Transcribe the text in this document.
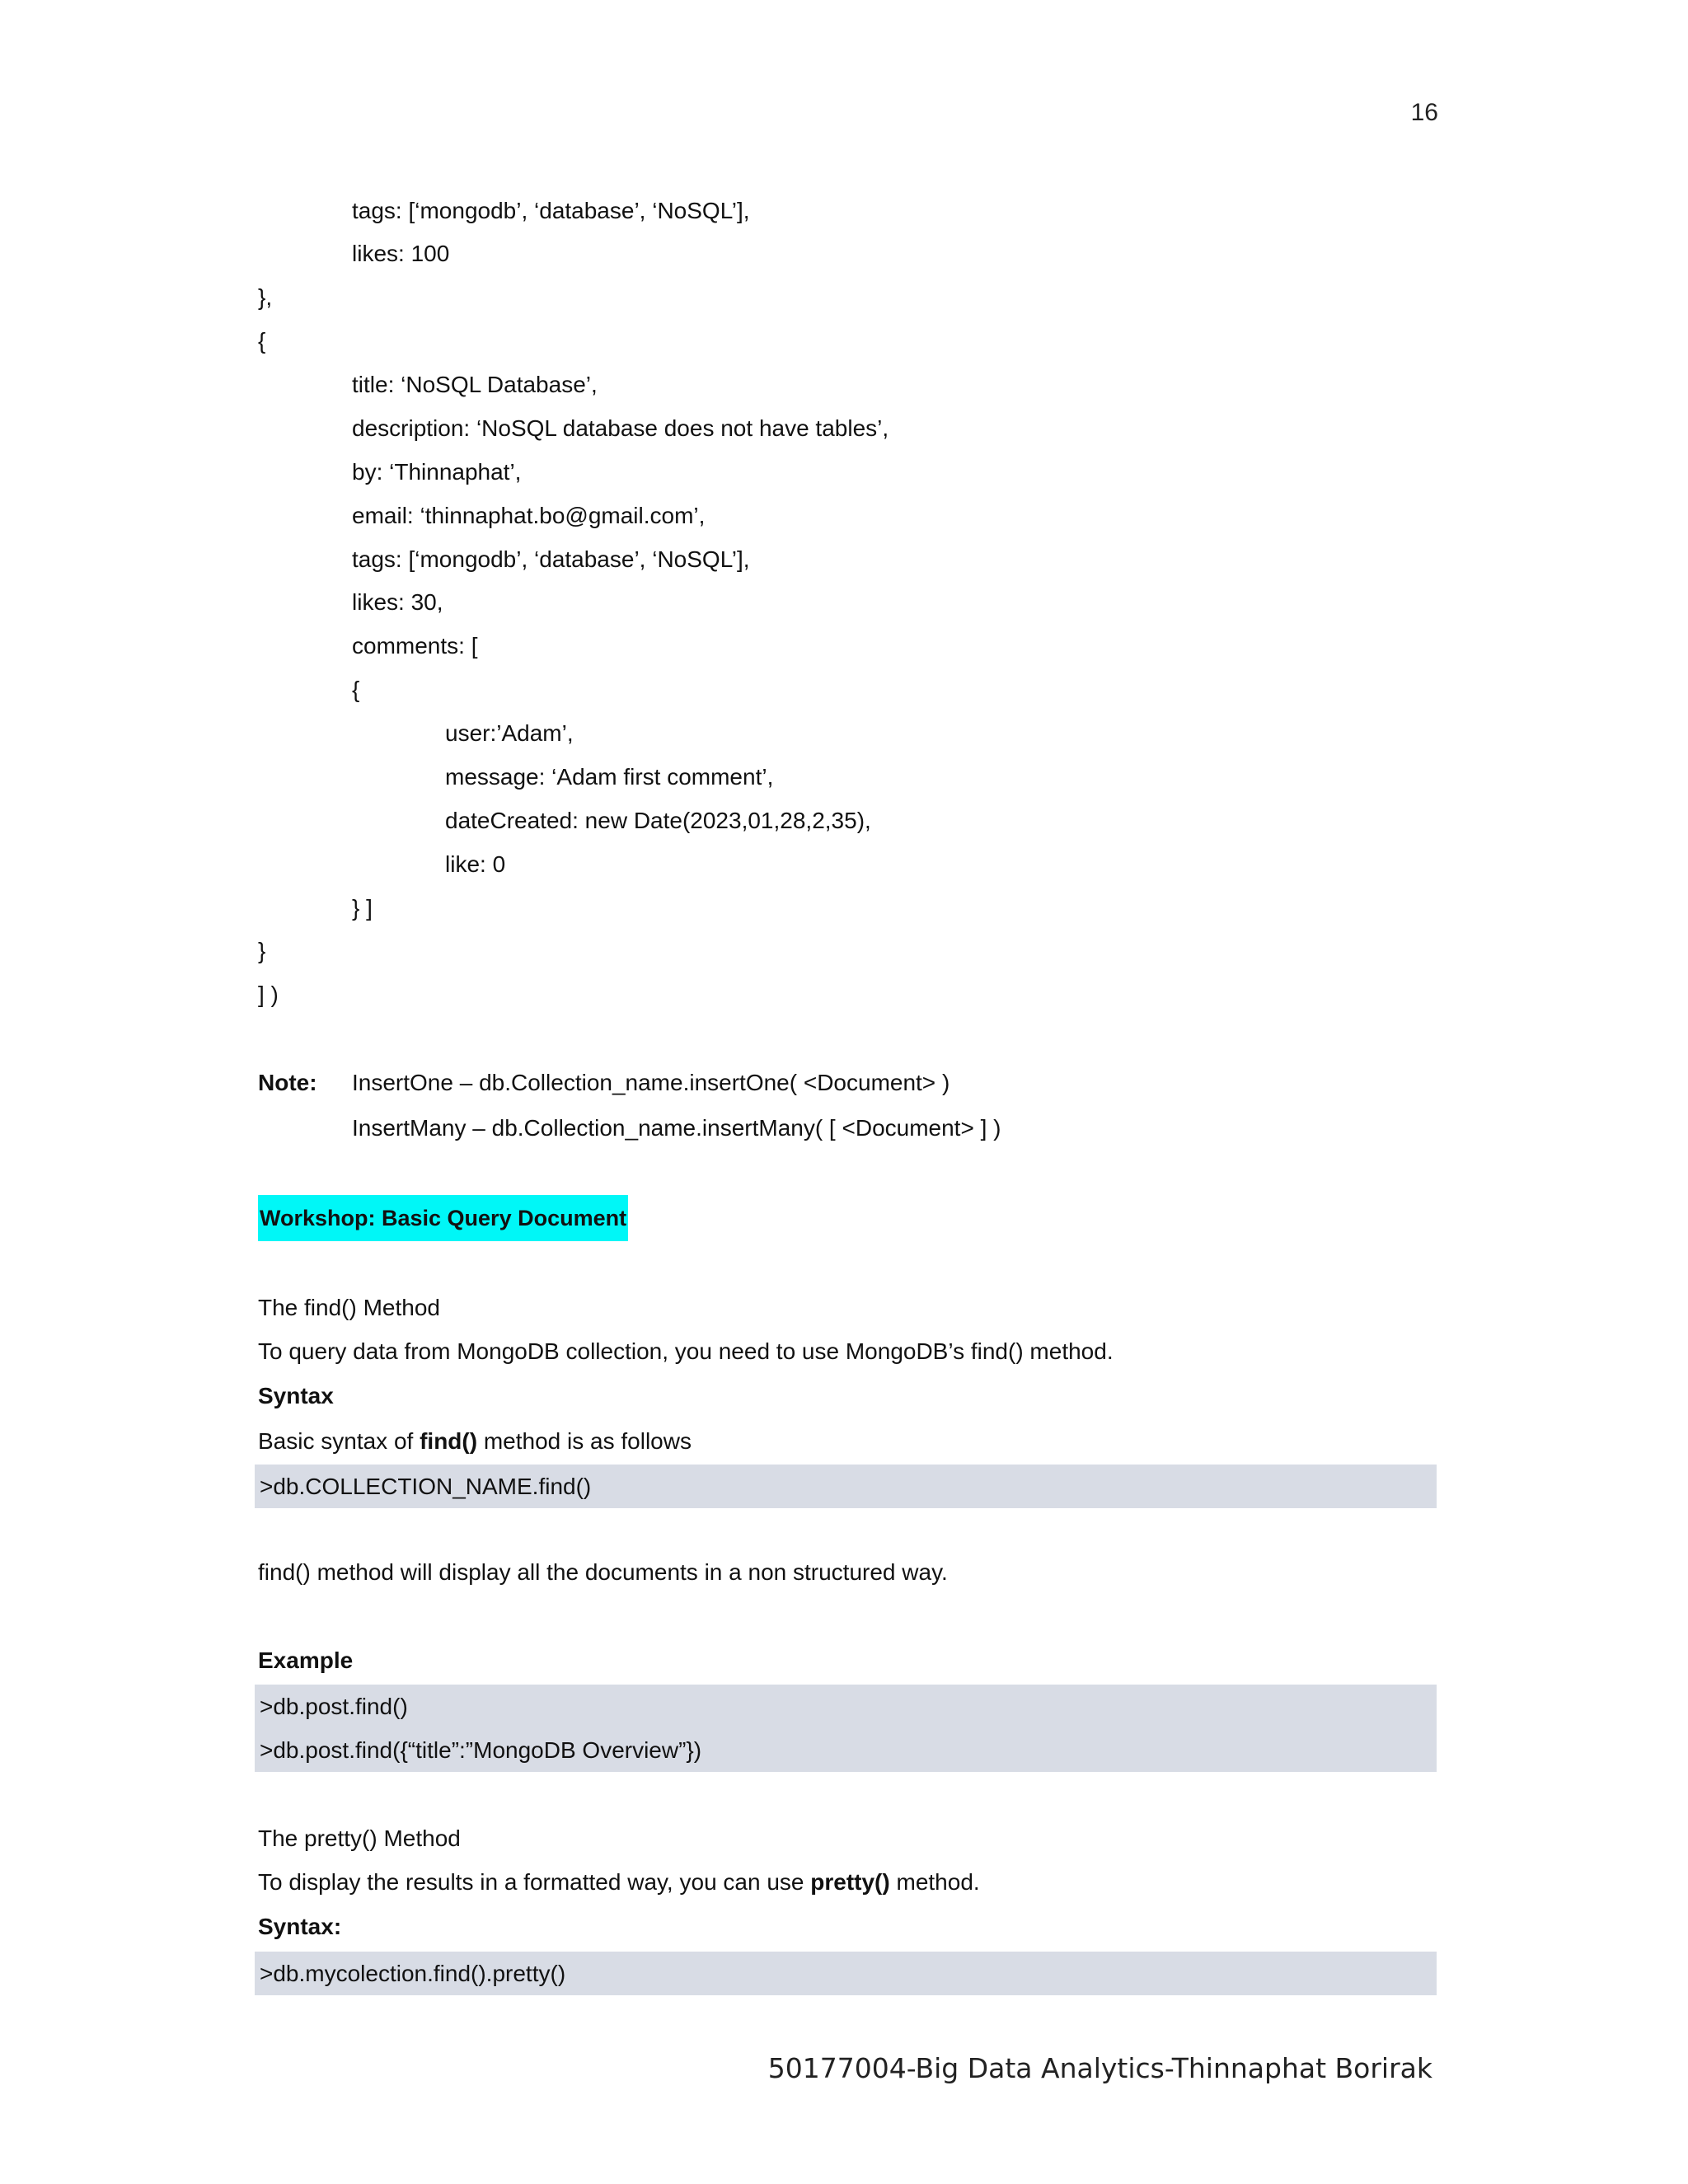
16
tags: [‘mongodb’, ‘database’, ‘NoSQL’],
likes: 100
},
{
title: ‘NoSQL Database’,
description: ‘NoSQL database does not have tables’,
by: ‘Thinnaphat’,
email: ‘thinnaphat.bo@gmail.com’,
tags: [‘mongodb’, ‘database’, ‘NoSQL’],
likes: 30,
comments: [
{
user:’Adam’,
message: ‘Adam first comment’,
dateCreated: new Date(2023,01,28,2,35),
like: 0
} ]
}
] )
Note: InsertOne – db.Collection_name.insertOne( <Document> )
InsertMany – db.Collection_name.insertMany( [ <Document> ] )
Workshop: Basic Query Document
The find() Method
To query data from MongoDB collection, you need to use MongoDB’s find() method.
Syntax
Basic syntax of find() method is as follows
>db.COLLECTION_NAME.find()
find() method will display all the documents in a non structured way.
Example
>db.post.find()
>db.post.find({“title”:”MongoDB Overview”})
The pretty() Method
To display the results in a formatted way, you can use pretty() method.
Syntax:
>db.mycolection.find().pretty()
50177004-Big Data Analytics-Thinnaphat Borirak
